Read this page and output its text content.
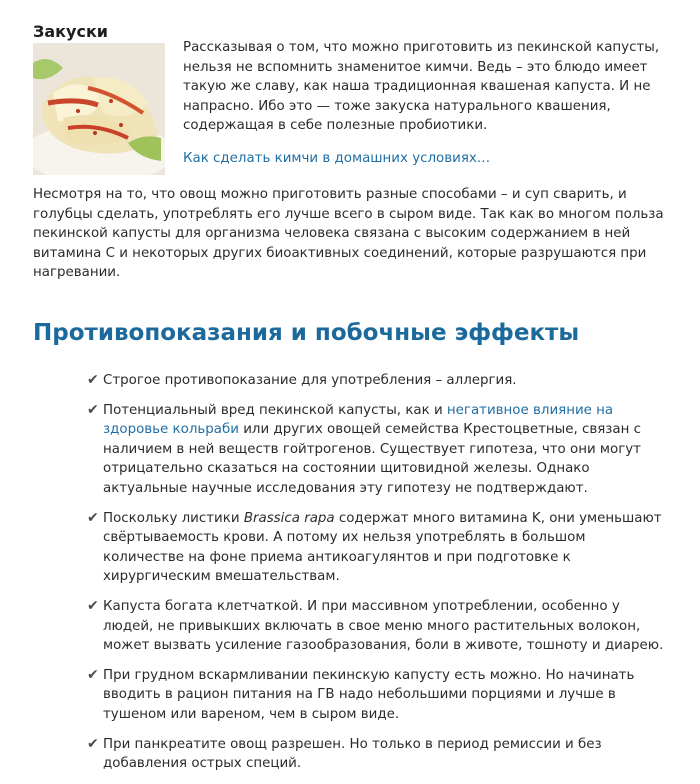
Закуски

Рассказывая о том, что можно приготовить из пекинской капусты, нельзя не вспомнить знаменитое кимчи. Ведь – это блюдо имеет такую же славу, как наша традиционная квашеная капуста. И не напрасно. Ибо это — тоже закуска натурального квашения, содержащая в себе полезные пробиотики.

Как сделать кимчи в домашних условиях…

Несмотря на то, что овощ можно приготовить разные способами – и суп сварить, и голубцы сделать, употреблять его лучше всего в сыром виде. Так как во многом польза пекинской капусты для организма человека связана с высоким содержанием в ней витамина С и некоторых других биоактивных соединений, которые разрушаются при нагревании.

Противопоказания и побочные эффекты
✔ Строгое противопоказание для употребления – аллергия.
✔ Потенциальный вред пекинской капусты, как и негативное влияние на здоровье кольраби или других овощей семейства Крестоцветные, связан с наличием в ней веществ гойтрогенов. Существует гипотеза, что они могут отрицательно сказаться на состоянии щитовидной железы. Однако актуальные научные исследования эту гипотезу не подтверждают.
✔ Поскольку листики Brassica rapa содержат много витамина K, они уменьшают свёртываемость крови. А потому их нельзя употреблять в большом количестве на фоне приема антикоагулянтов и при подготовке к хирургическим вмешательствам.
✔ Капуста богата клетчаткой. И при массивном употреблении, особенно у людей, не привыкших включать в свое меню много растительных волокон, может вызвать усиление газообразования, боли в животе, тошноту и диарею.
✔ При грудном вскармливании пекинскую капусту есть можно. Но начинать вводить в рацион питания на ГВ надо небольшими порциями и лучше в тушеном или вареном, чем в сыром виде.
✔ При панкреатите овощ разрешен. Но только в период ремиссии и без добавления острых специй.
